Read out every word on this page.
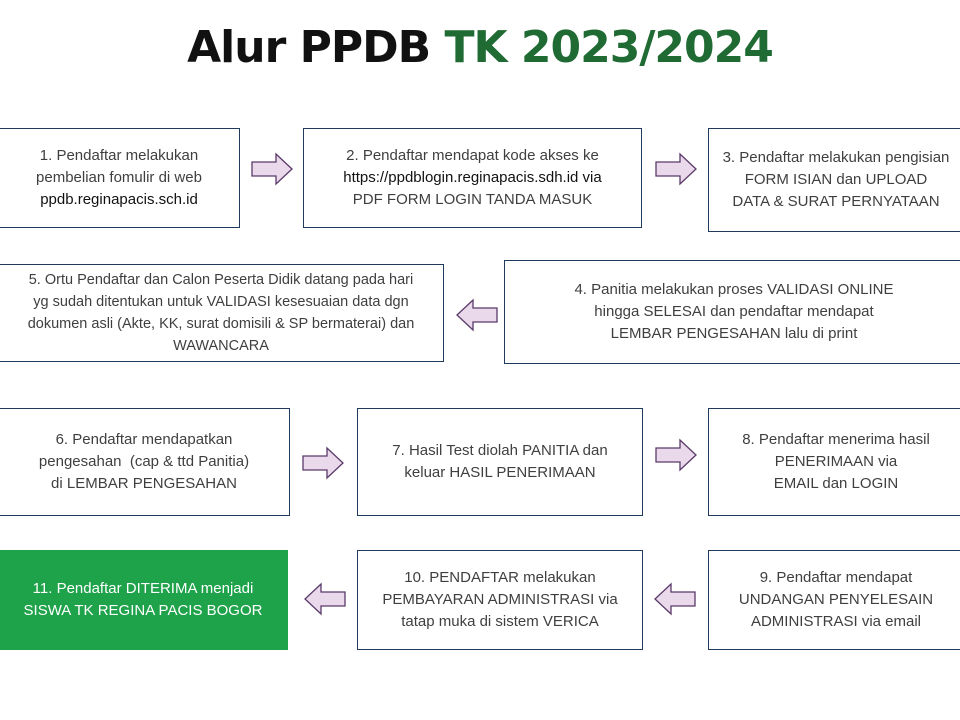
Alur PPDB TK 2023/2024
1. Pendaftar melakukan
pembelian fomulir di web
ppdb.reginapacis.sch.id
2. Pendaftar mendapat kode akses ke
https://ppdblogin.reginapacis.sdh.id via
PDF FORM LOGIN TANDA MASUK
3. Pendaftar melakukan pengisian
FORM ISIAN dan UPLOAD
DATA & SURAT PERNYATAAN
5. Ortu Pendaftar dan Calon Peserta Didik datang pada hari
yg sudah ditentukan untuk VALIDASI kesesuaian data dgn
dokumen asli (Akte, KK, surat domisili & SP bermaterai) dan
WAWANCARA
4. Panitia melakukan proses VALIDASI ONLINE
hingga SELESAI dan pendaftar mendapat
LEMBAR PENGESAHAN lalu di print
6. Pendaftar mendapatkan
pengesahan  (cap & ttd Panitia)
di LEMBAR PENGESAHAN
7. Hasil Test diolah PANITIA dan
keluar HASIL PENERIMAAN
8. Pendaftar menerima hasil
PENERIMAAN via
EMAIL dan LOGIN
11. Pendaftar DITERIMA menjadi
SISWA TK REGINA PACIS BOGOR
10. PENDAFTAR melakukan
PEMBAYARAN ADMINISTRASI via
tatap muka di sistem VERICA
9. Pendaftar mendapat
UNDANGAN PENYELESAIN
ADMINISTRASI via email
